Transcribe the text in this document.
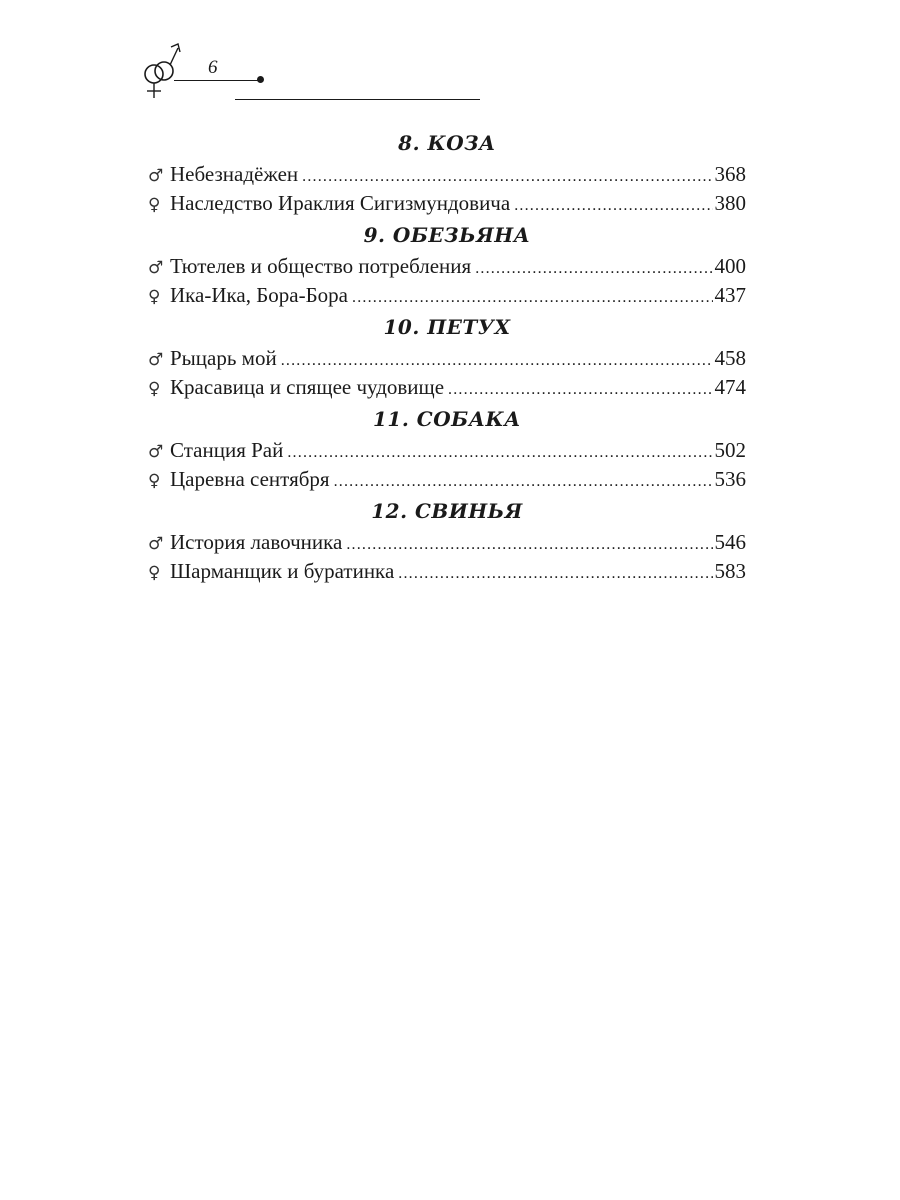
6
8. КОЗА
♂ Небезнадёжен .....	368
♀ Наследство Ираклия Сигизмундовича .....	380
9. ОБЕЗЬЯНА
♂ Тютелев и общество потребления .....	400
♀ Ика-Ика, Бора-Бора .....	437
10. ПЕТУХ
♂ Рыцарь мой .....	458
♀ Красавица и спящее чудовище .....	474
11. СОБАКА
♂ Станция Рай .....	502
♀ Царевна сентября .....	536
12. СВИНЬЯ
♂ История лавочника .....	546
♀ Шарманщик и буратинка .....	583
